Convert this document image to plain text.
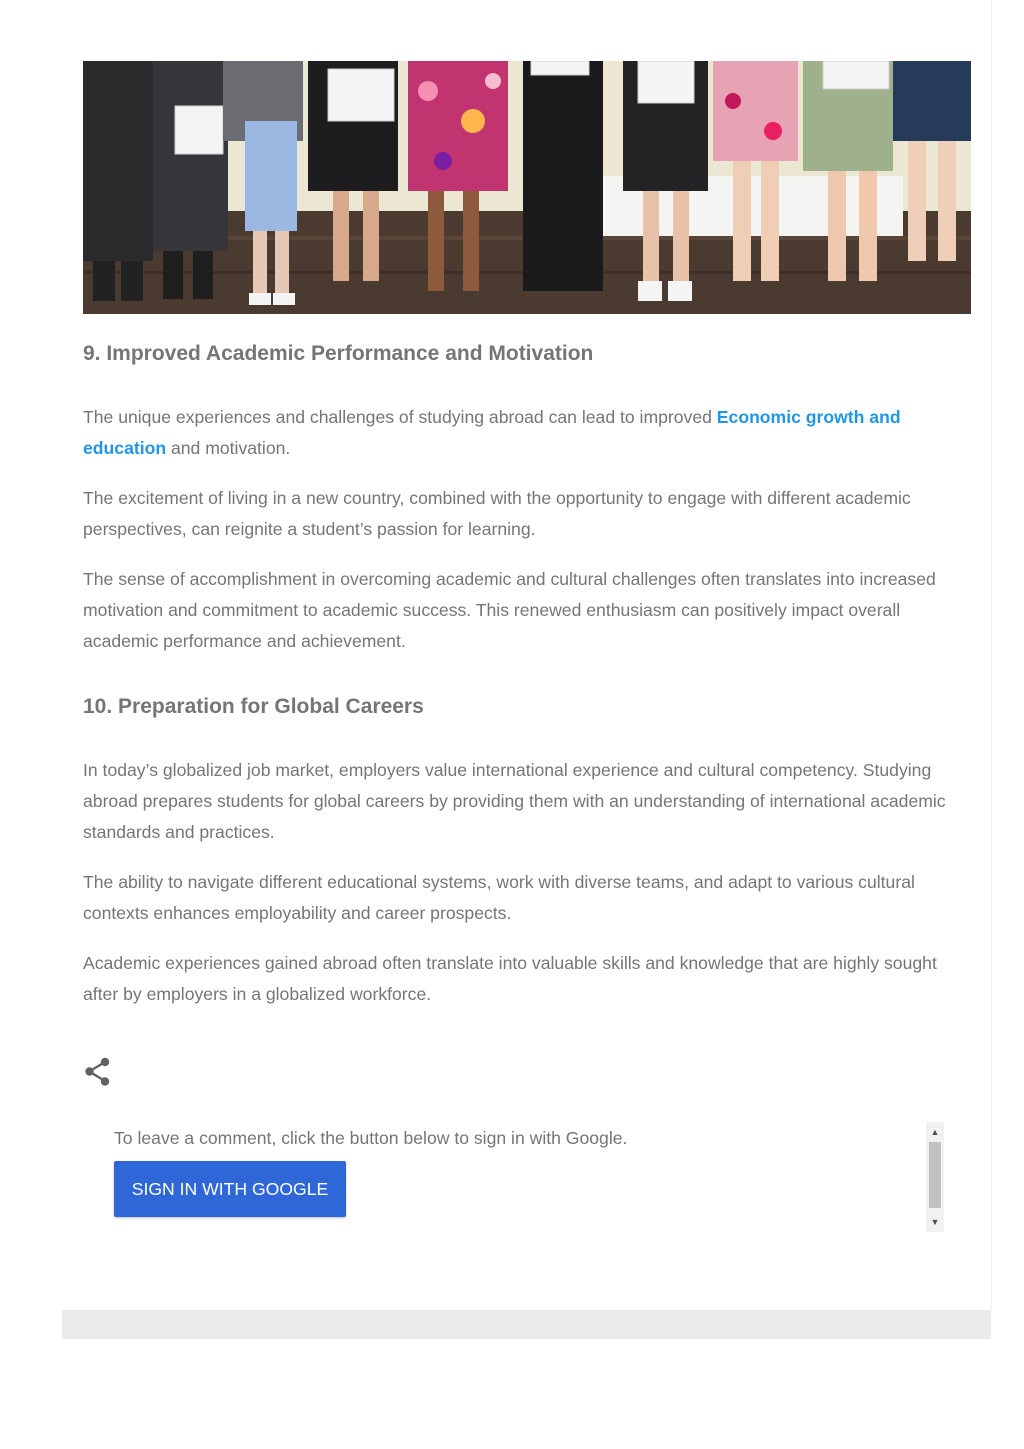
9. Improved Academic Performance and Motivation

The unique experiences and challenges of studying abroad can lead to improved Economic growth and education and motivation.

The excitement of living in a new country, combined with the opportunity to engage with different academic perspectives, can reignite a student’s passion for learning.

The sense of accomplishment in overcoming academic and cultural challenges often translates into increased motivation and commitment to academic success. This renewed enthusiasm can positively impact overall academic performance and achievement.

10. Preparation for Global Careers

In today’s globalized job market, employers value international experience and cultural competency. Studying abroad prepares students for global careers by providing them with an understanding of international academic standards and practices.

The ability to navigate different educational systems, work with diverse teams, and adapt to various cultural contexts enhances employability and career prospects.

Academic experiences gained abroad often translate into valuable skills and knowledge that are highly sought after by employers in a globalized workforce.

To leave a comment, click the button below to sign in with Google.
SIGN IN WITH GOOGLE
▲
▼
